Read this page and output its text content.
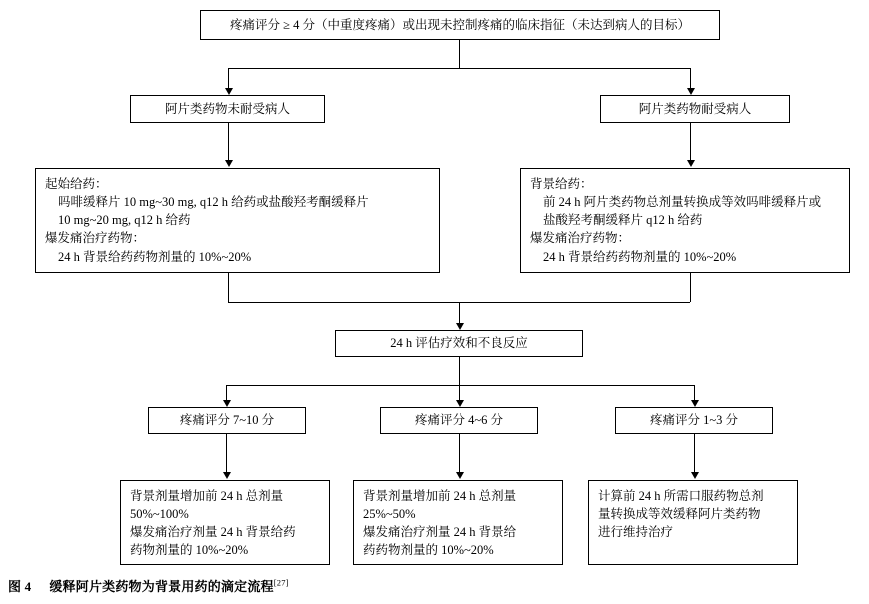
疼痛评分 ≥ 4 分（中重度疼痛）或出现未控制疼痛的临床指征（未达到病人的目标）
阿片类药物未耐受病人	阿片类药物耐受病人
起始给药：
吗啡缓释片 10 mg~30 mg, q12 h 给药或盐酸羟考酮缓释片
10 mg~20 mg, q12 h 给药
爆发痛治疗药物：
24 h 背景给药药物剂量的 10%~20%
背景给药：
前 24 h 阿片类药物总剂量转换成等效吗啡缓释片或
盐酸羟考酮缓释片 q12 h 给药
爆发痛治疗药物：
24 h 背景给药药物剂量的 10%~20%
24 h 评估疗效和不良反应
疼痛评分 7~10 分	疼痛评分 4~6 分	疼痛评分 1~3 分
背景剂量增加前 24 h 总剂量
50%~100%
爆发痛治疗剂量 24 h 背景给药
药物剂量的 10%~20%
背景剂量增加前 24 h 总剂量
25%~50%
爆发痛治疗剂量 24 h 背景给
药药物剂量的 10%~20%
计算前 24 h 所需口服药物总剂
量转换成等效缓释阿片类药物
进行维持治疗
图 4 缓释阿片类药物为背景用药的滴定流程[27]
